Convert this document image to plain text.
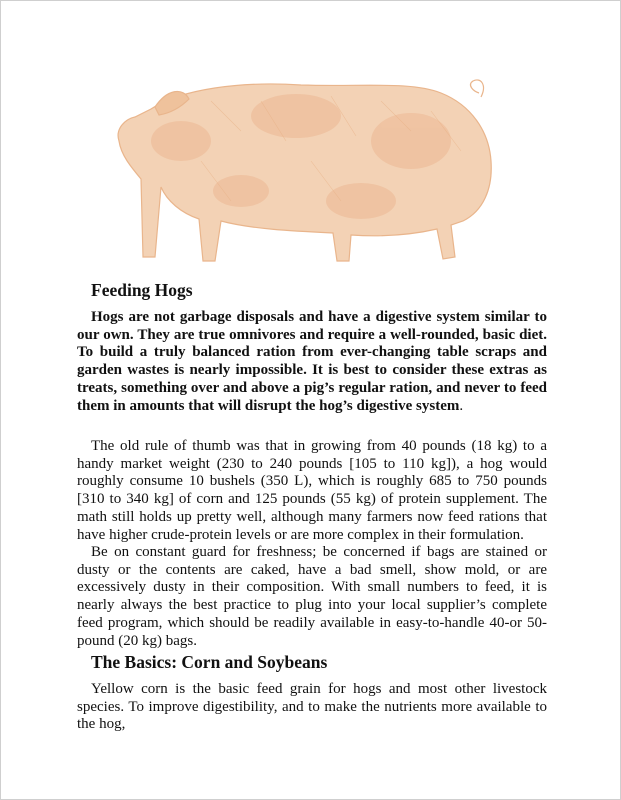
Feeding Hogs

Hogs are not garbage disposals and have a digestive system similar to our own. They are true omnivores and require a well-rounded, basic diet. To build a truly balanced ration from ever-changing table scraps and garden wastes is nearly impossible. It is best to consider these extras as treats, something over and above a pig’s regular ration, and never to feed them in amounts that will disrupt the hog’s digestive system.

The old rule of thumb was that in growing from 40 pounds (18 kg) to a handy market weight (230 to 240 pounds [105 to 110 kg]), a hog would roughly consume 10 bushels (350 L), which is roughly 685 to 750 pounds [310 to 340 kg] of corn and 125 pounds (55 kg) of protein supplement. The math still holds up pretty well, although many farmers now feed rations that have higher crude-protein levels or are more complex in their formulation.

Be on constant guard for freshness; be concerned if bags are stained or dusty or the contents are caked, have a bad smell, show mold, or are excessively dusty in their composition. With small numbers to feed, it is nearly always the best practice to plug into your local supplier’s complete feed program, which should be readily available in easy-to-handle 40-or 50-pound (20 kg) bags.

The Basics: Corn and Soybeans

Yellow corn is the basic feed grain for hogs and most other livestock species. To improve digestibility, and to make the nutrients more available to the hog,
